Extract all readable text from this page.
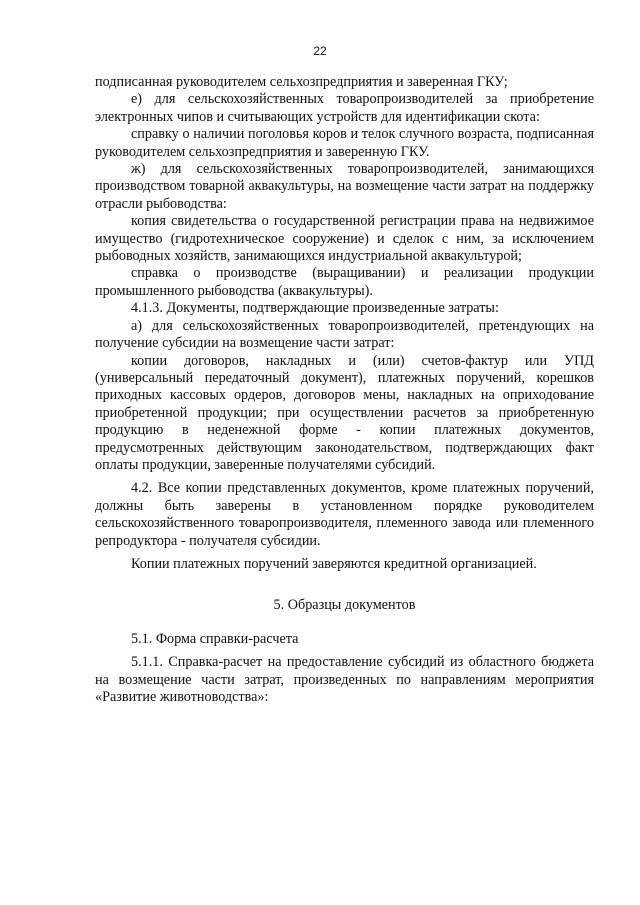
22

подписанная руководителем сельхозпредприятия и заверенная ГКУ;

е) для сельскохозяйственных товаропроизводителей за приобретение электронных чипов и считывающих устройств для идентификации скота:

справку о наличии поголовья коров и телок случного возраста, подписанная руководителем сельхозпредприятия и заверенную ГКУ.

ж) для сельскохозяйственных товаропроизводителей, занимающихся производством товарной аквакультуры, на возмещение части затрат на поддержку отрасли рыбоводства:

копия свидетельства о государственной регистрации права на недвижимое имущество (гидротехническое сооружение) и сделок с ним, за исключением рыбоводных хозяйств, занимающихся индустриальной аквакультурой;

справка о производстве (выращивании) и реализации продукции промышленного рыбоводства (аквакультуры).

4.1.3. Документы, подтверждающие произведенные затраты:

а) для сельскохозяйственных товаропроизводителей, претендующих на получение субсидии на возмещение части затрат:

копии договоров, накладных и (или) счетов-фактур или УПД (универсальный передаточный документ), платежных поручений, корешков приходных кассовых ордеров, договоров мены, накладных на оприходование приобретенной продукции; при осуществлении расчетов за приобретенную продукцию в неденежной форме - копии платежных документов, предусмотренных действующим законодательством, подтверждающих факт оплаты продукции, заверенные получателями субсидий.

4.2. Все копии представленных документов, кроме платежных поручений, должны быть заверены в установленном порядке руководителем сельскохозяйственного товаропроизводителя, племенного завода или племенного репродуктора - получателя субсидии.

Копии платежных поручений заверяются кредитной организацией.

5. Образцы документов

5.1. Форма справки-расчета

5.1.1. Справка-расчет на предоставление субсидий из областного бюджета на возмещение части затрат, произведенных по направлениям мероприятия «Развитие животноводства»:
